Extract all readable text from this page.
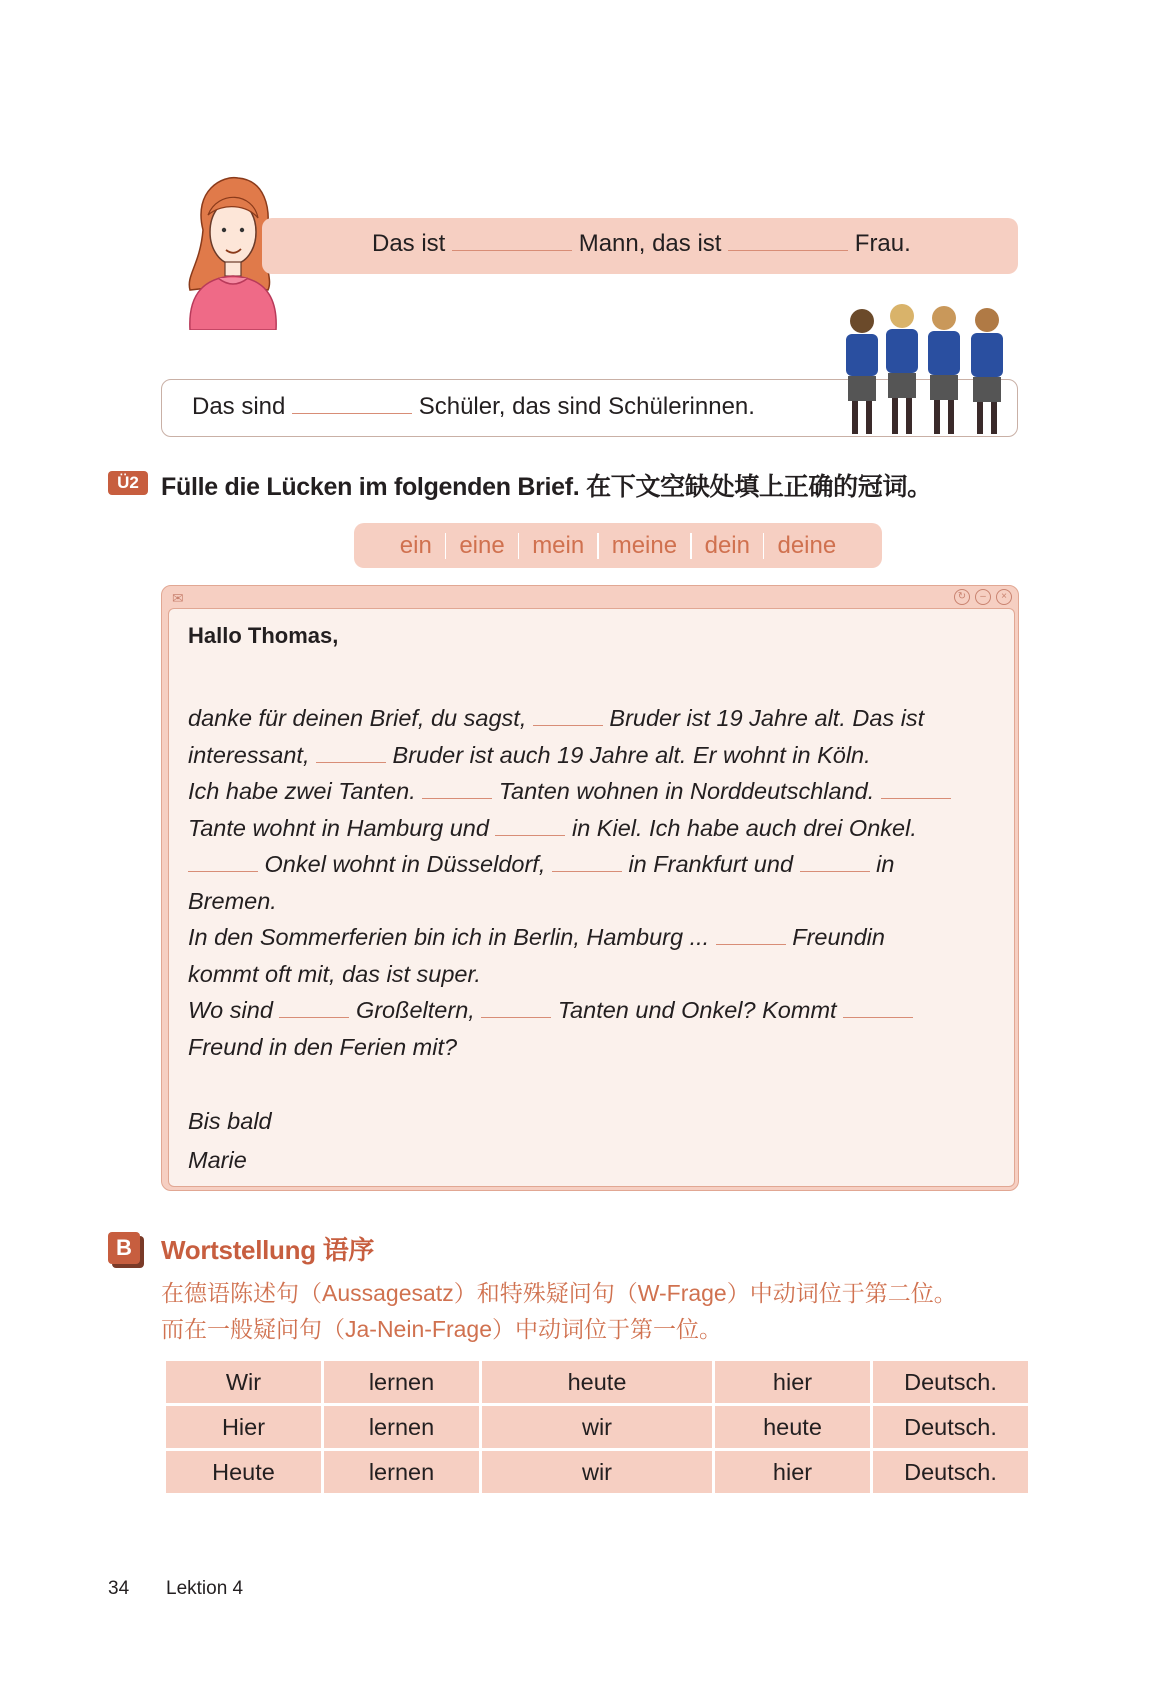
Das ist	Mann, das ist	Frau.
Das sind	Schüler, das sind Schülerinnen.
Ü2 Fülle die Lücken im folgenden Brief. 在下文空缺处填上正确的冠词。
ein	eine	mein	meine	dein	deine
✉	↻	–	×
Hallo Thomas,
danke für deinen Brief, du sagst,	Bruder ist 19 Jahre alt. Das ist
interessant,	Bruder ist auch 19 Jahre alt. Er wohnt in Köln.
Ich habe zwei Tanten.	Tanten wohnen in Norddeutschland.
Tante wohnt in Hamburg und	in Kiel. Ich habe auch drei Onkel.
Onkel wohnt in Düsseldorf,	in Frankfurt und	in
Bremen.
In den Sommerferien bin ich in Berlin, Hamburg ...	Freundin
kommt oft mit, das ist super.
Wo sind	Großeltern,	Tanten und Onkel? Kommt
Freund in den Ferien mit?
Bis bald
Marie
B	Wortstellung 语序
在德语陈述句（Aussagesatz）和特殊疑问句（W-Frage）中动词位于第二位。
而在一般疑问句（Ja-Nein-Frage）中动词位于第一位。
Wir	lernen	heute	hier	Deutsch.
Hier	lernen	wir	heute	Deutsch.
Heute	lernen	wir	hier	Deutsch.
34 Lektion 4
